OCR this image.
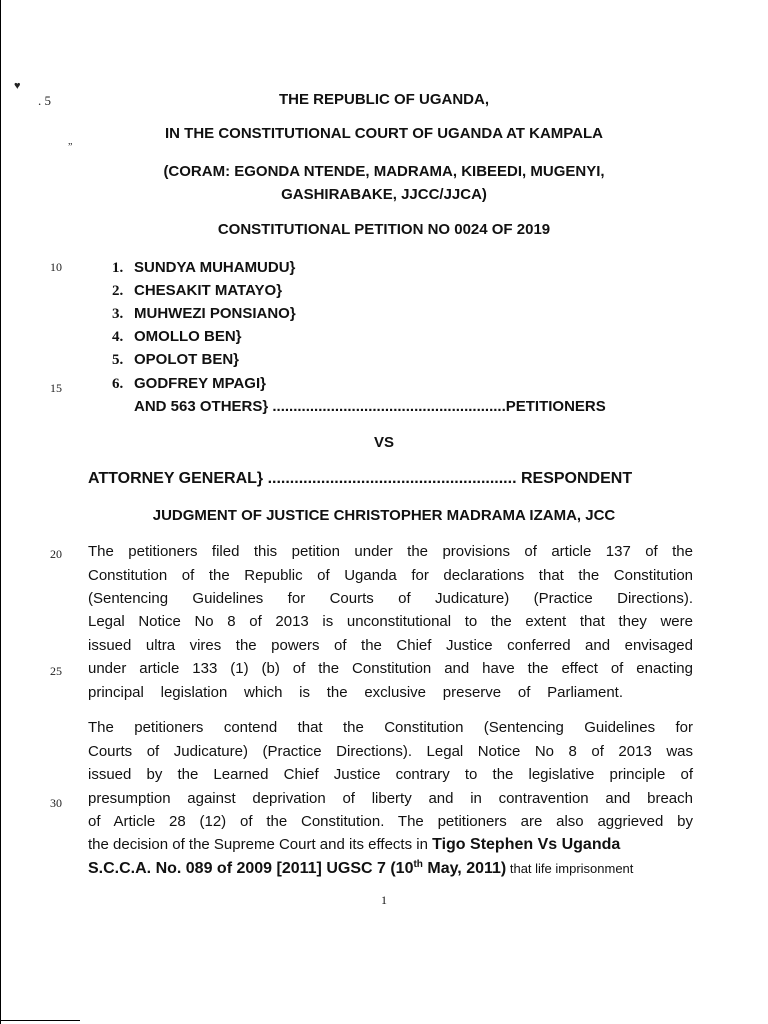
♥
. 5
”
THE REPUBLIC OF UGANDA,
IN THE CONSTITUTIONAL COURT OF UGANDA AT KAMPALA
(CORAM: EGONDA NTENDE, MADRAMA, KIBEEDI, MUGENYI,
GASHIRABAKE, JJCC/JJCA)
CONSTITUTIONAL PETITION NO 0024 OF 2019
10
15
20
25
30
1. SUNDYA MUHAMUDU}
2. CHESAKIT MATAYO}
3. MUHWEZI PONSIANO}
4. OMOLLO BEN}
5. OPOLOT BEN}
6. GODFREY MPAGI}
AND 563 OTHERS} ........................................................PETITIONERS
VS
ATTORNEY GENERAL} ........................................................ RESPONDENT
JUDGMENT OF JUSTICE CHRISTOPHER MADRAMA IZAMA, JCC
The petitioners filed this petition under the provisions of article 137 of the
Constitution of the Republic of Uganda for declarations that the Constitution
(Sentencing Guidelines for Courts of Judicature) (Practice Directions).
Legal Notice No 8 of 2013 is unconstitutional to the extent that they were
issued ultra vires the powers of the Chief Justice conferred and envisaged
under article 133 (1) (b) of the Constitution and have the effect of enacting
principal legislation which is the exclusive preserve of Parliament.
The petitioners contend that the Constitution (Sentencing Guidelines for
Courts of Judicature) (Practice Directions). Legal Notice No 8 of 2013 was
issued by the Learned Chief Justice contrary to the legislative principle of
presumption against deprivation of liberty and in contravention and breach
of Article 28 (12) of the Constitution. The petitioners are also aggrieved by
the decision of the Supreme Court and its effects in Tigo Stephen Vs Uganda
S.C.C.A. No. 089 of 2009 [2011] UGSC 7 (10th May, 2011) that life imprisonment
1
